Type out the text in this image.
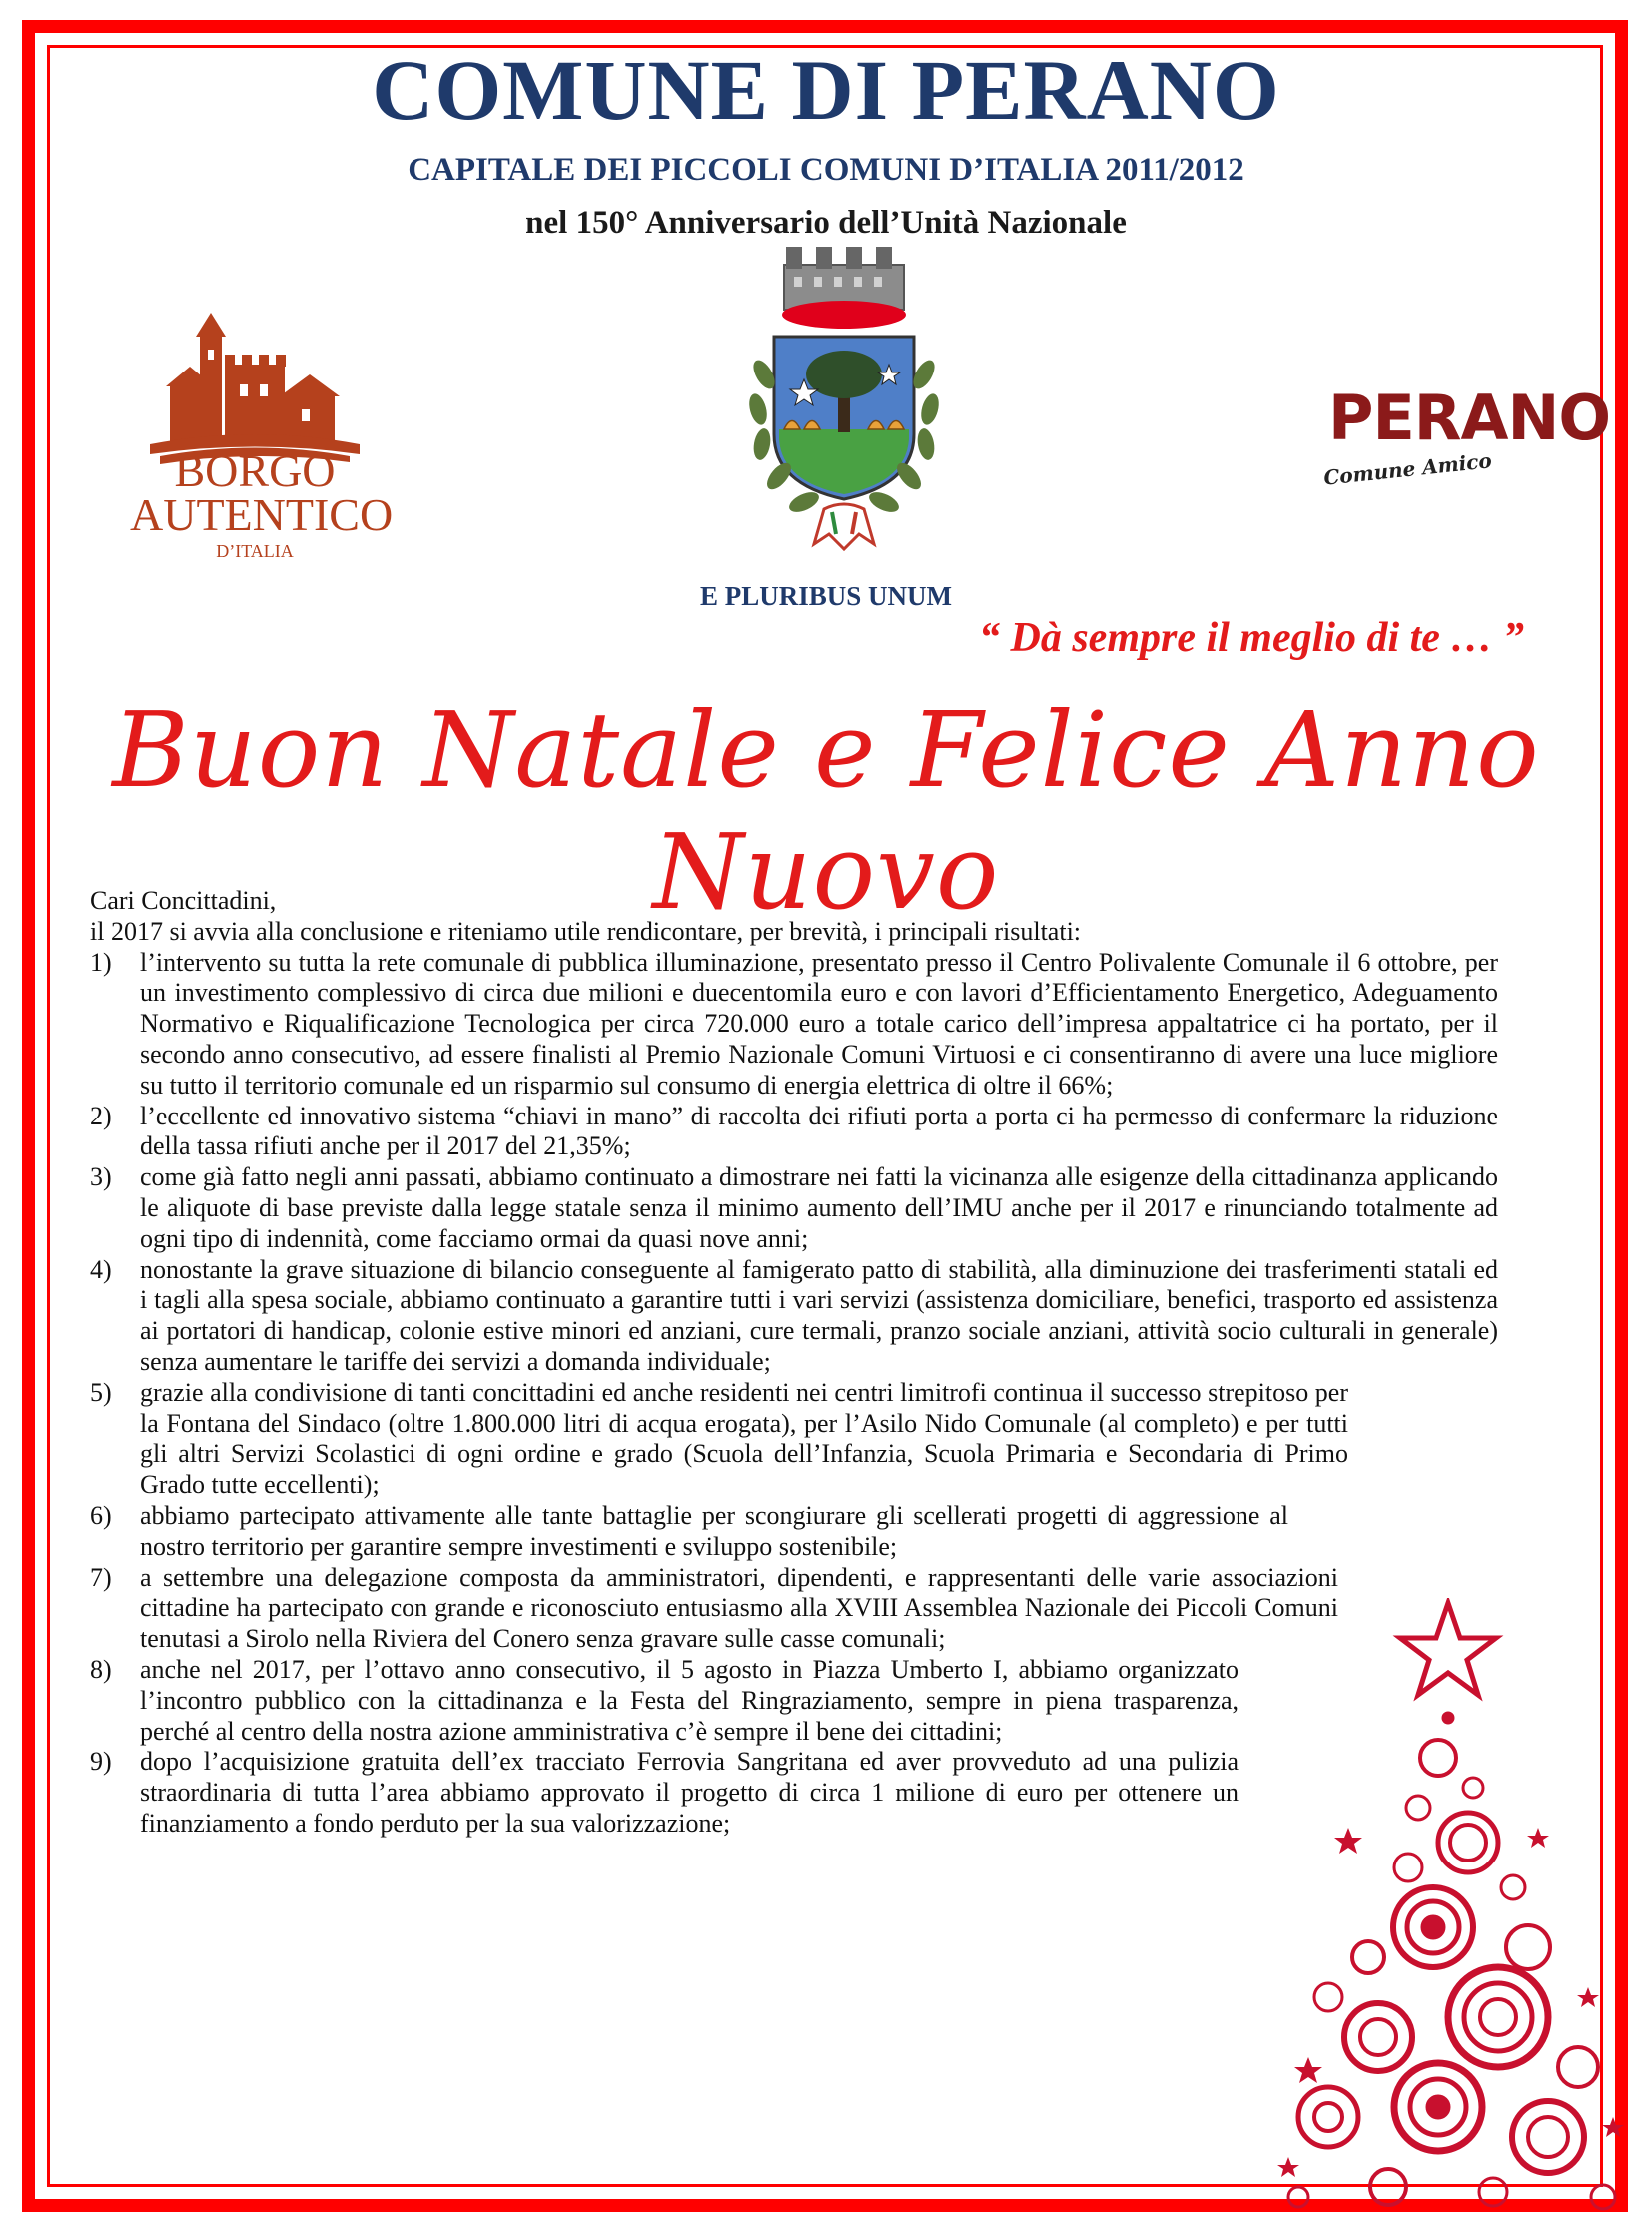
COMUNE DI PERANO
CAPITALE DEI PICCOLI COMUNI D’ITALIA 2011/2012
nel 150° Anniversario dell’Unità Nazionale
BORGO
AUTENTICO
D’ITALIA
PERANO
Comune Amico
E PLURIBUS UNUM
“ Dà sempre il meglio di te … ”
Buon Natale e Felice Anno Nuovo

Cari Concittadini,

il 2017 si avvia alla conclusione e riteniamo utile rendicontare, per brevità, i principali risultati:

1)	l’intervento su tutta la rete comunale di pubblica illuminazione, presentato presso il Centro Polivalente Comunale il 6 ottobre, per un investimento complessivo di circa due milioni e duecentomila euro e con lavori d’Efficientamento Energetico, Adeguamento Normativo e Riqualificazione Tecnologica per circa 720.000 euro a totale carico dell’impresa appaltatrice ci ha portato, per il secondo anno consecutivo, ad essere finalisti al Premio Nazionale Comuni Virtuosi e ci consentiranno di avere una luce migliore su tutto il territorio comunale ed un risparmio sul consumo di energia elettrica di oltre il 66%;
2)	l’eccellente ed innovativo sistema “chiavi in mano” di raccolta dei rifiuti porta a porta ci ha permesso di confermare la riduzione della tassa rifiuti anche per il 2017 del 21,35%;
3)	come già fatto negli anni passati, abbiamo continuato a dimostrare nei fatti la vicinanza alle esigenze della cittadinanza applicando le aliquote di base previste dalla legge statale senza il minimo aumento dell’IMU anche per il 2017 e rinunciando totalmente ad ogni tipo di indennità, come facciamo ormai da quasi nove anni;
4)	nonostante la grave situazione di bilancio conseguente al famigerato patto di stabilità, alla diminuzione dei trasferimenti statali ed i tagli alla spesa sociale, abbiamo continuato a garantire tutti i vari servizi (assistenza domiciliare, benefici, trasporto ed assistenza ai portatori di handicap, colonie estive minori ed anziani, cure termali, pranzo sociale anziani, attività socio culturali in generale) senza aumentare le tariffe dei servizi a domanda individuale;
5)	grazie alla condivisione di tanti concittadini ed anche residenti nei centri limitrofi continua il successo strepitoso per la Fontana del Sindaco (oltre 1.800.000 litri di acqua erogata), per l’Asilo Nido Comunale (al completo) e per tutti gli altri Servizi Scolastici di ogni ordine e grado (Scuola dell’Infanzia, Scuola Primaria e Secondaria di Primo Grado tutte eccellenti);
6)	abbiamo partecipato attivamente alle tante battaglie per scongiurare gli scellerati progetti di aggressione al nostro territorio per garantire sempre investimenti e sviluppo sostenibile;
7)	a settembre una delegazione composta da amministratori, dipendenti, e rappresentanti delle varie associazioni cittadine ha partecipato con grande e riconosciuto entusiasmo alla XVIII Assemblea Nazionale dei Piccoli Comuni tenutasi a Sirolo nella Riviera del Conero senza gravare sulle casse comunali;
8)	anche nel 2017, per l’ottavo anno consecutivo, il 5 agosto in Piazza Umberto I, abbiamo organizzato l’incontro pubblico con la cittadinanza e la Festa del Ringraziamento, sempre in piena trasparenza, perché al centro della nostra azione amministrativa c’è sempre il bene dei cittadini;
9)	dopo l’acquisizione gratuita dell’ex tracciato Ferrovia Sangritana ed aver provveduto ad una pulizia straordinaria di tutta l’area abbiamo approvato il progetto di circa 1 milione di euro per ottenere un finanziamento a fondo perduto per la sua valorizzazione;
